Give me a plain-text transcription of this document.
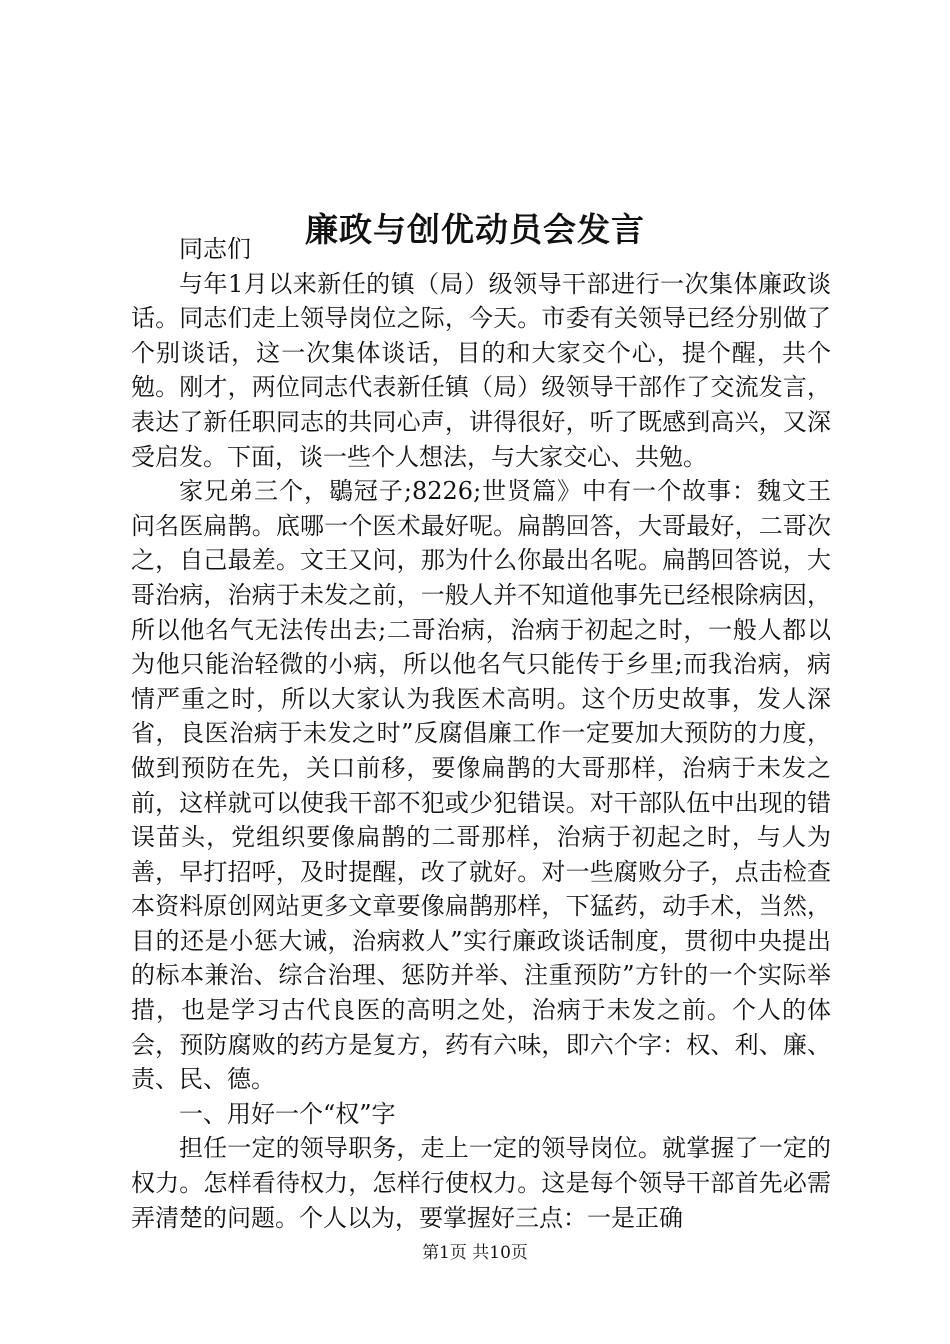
廉政与创优动员会发言

同志们

与年1月以来新任的镇（局）级领导干部进行一次集体廉政谈话。同志们走上领导岗位之际，今天。市委有关领导已经分别做了个别谈话，这一次集体谈话，目的和大家交个心，提个醒，共个勉。刚才，两位同志代表新任镇（局）级领导干部作了交流发言，表达了新任职同志的共同心声，讲得很好，听了既感到高兴，又深受启发。下面，谈一些个人想法，与大家交心、共勉。

家兄弟三个，鶡冠子;8226;世贤篇》中有一个故事：魏文王问名医扁鹊。底哪一个医术最好呢。扁鹊回答，大哥最好，二哥次之，自己最差。文王又问，那为什么你最出名呢。扁鹊回答说，大哥治病，治病于未发之前，一般人并不知道他事先已经根除病因，所以他名气无法传出去;二哥治病，治病于初起之时，一般人都以为他只能治轻微的小病，所以他名气只能传于乡里;而我治病，病情严重之时，所以大家认为我医术高明。这个历史故事，发人深省，良医治病于未发之时”反腐倡廉工作一定要加大预防的力度，做到预防在先，关口前移，要像扁鹊的大哥那样，治病于未发之前，这样就可以使我干部不犯或少犯错误。对干部队伍中出现的错误苗头，党组织要像扁鹊的二哥那样，治病于初起之时，与人为善，早打招呼，及时提醒，改了就好。对一些腐败分子，点击检查本资料原创网站更多文章要像扁鹊那样，下猛药，动手术，当然，目的还是小惩大诫，治病救人”实行廉政谈话制度，贯彻中央提出的标本兼治、综合治理、惩防并举、注重预防”方针的一个实际举措，也是学习古代良医的高明之处，治病于未发之前。个人的体会，预防腐败的药方是复方，药有六味，即六个字：权、利、廉、责、民、德。

一、用好一个“权”字

担任一定的领导职务，走上一定的领导岗位。就掌握了一定的权力。怎样看待权力，怎样行使权力。这是每个领导干部首先必需弄清楚的问题。个人以为，要掌握好三点：一是正确

第1页 共10页
